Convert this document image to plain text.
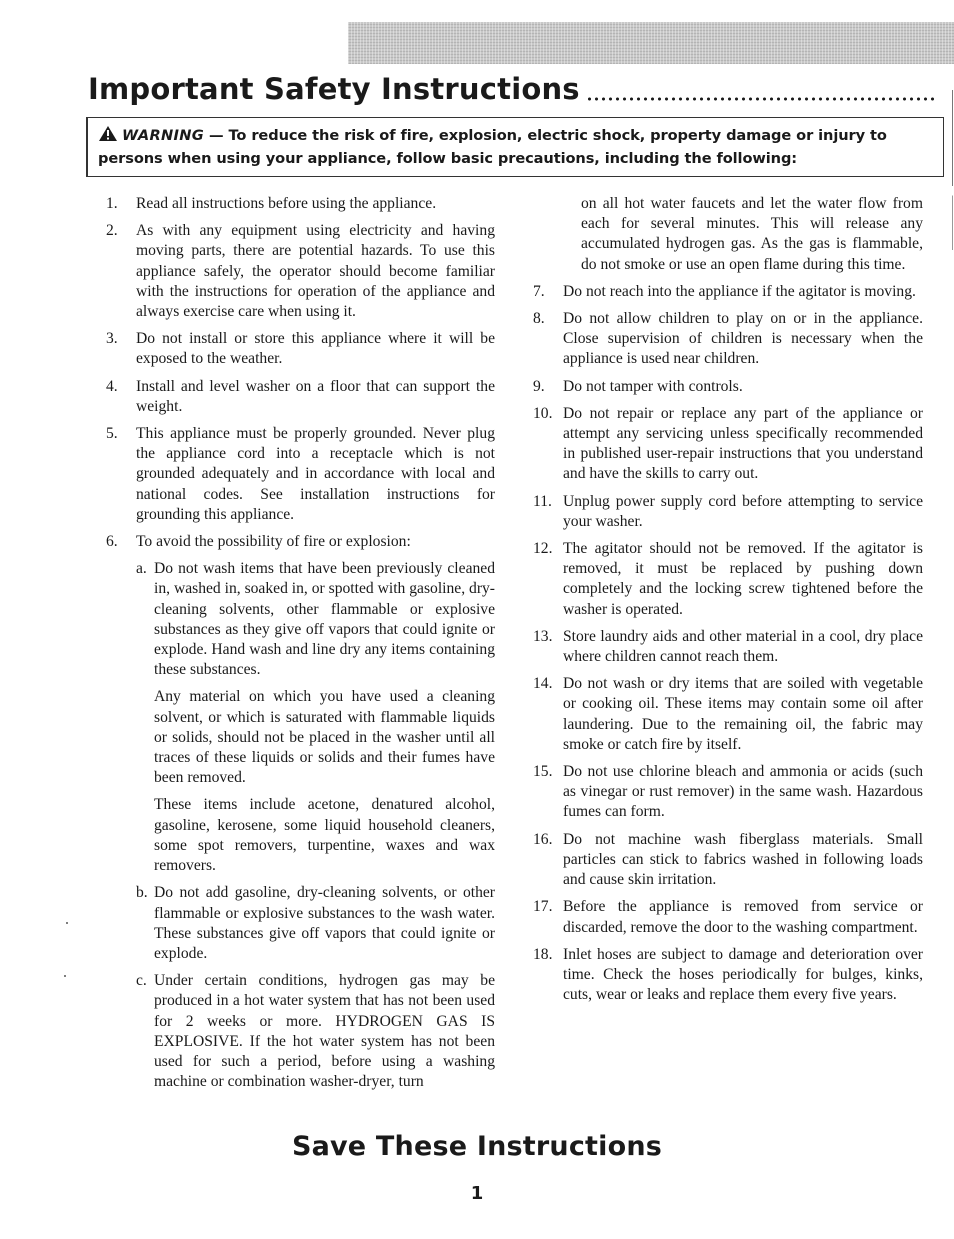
Important Safety Instructions
WARNING — To reduce the risk of fire, explosion, electric shock, property damage or injury to persons when using your appliance, follow basic precautions, including the following:
1.	Read all instructions before using the appliance.
2.	As with any equipment using electricity and having moving parts, there are potential hazards. To use this appliance safely, the operator should become familiar with the instructions for operation of the appliance and always exercise care when using it.
3.	Do not install or store this appliance where it will be exposed to the weather.
4.	Install and level washer on a floor that can support the weight.
5.	This appliance must be properly grounded. Never plug the appliance cord into a receptacle which is not grounded adequately and in accordance with local and national codes. See installation instructions for grounding this appliance.
6.	To avoid the possibility of fire or explosion:
a. Do not wash items that have been previously cleaned in, washed in, soaked in, or spotted with gasoline, dry-cleaning solvents, other flammable or explosive substances as they give off vapors that could ignite or explode. Hand wash and line dry any items containing these substances.
Any material on which you have used a cleaning solvent, or which is saturated with flammable liquids or solids, should not be placed in the washer until all traces of these liquids or solids and their fumes have been removed.
These items include acetone, denatured alcohol, gasoline, kerosene, some liquid household cleaners, some spot removers, turpentine, waxes and wax removers.
b. Do not add gasoline, dry-cleaning solvents, or other flammable or explosive substances to the wash water. These substances give off vapors that could ignite or explode.
c. Under certain conditions, hydrogen gas may be produced in a hot water system that has not been used for 2 weeks or more. HYDROGEN GAS IS EXPLOSIVE. If the hot water system has not been used for such a period, before using a washing machine or combination washer-dryer, turn
on all hot water faucets and let the water flow from each for several minutes. This will release any accumulated hydrogen gas. As the gas is flammable, do not smoke or use an open flame during this time.
7.	Do not reach into the appliance if the agitator is moving.
8.	Do not allow children to play on or in the appliance. Close supervision of children is necessary when the appliance is used near children.
9.	Do not tamper with controls.
10. Do not repair or replace any part of the appliance or attempt any servicing unless specifically recommended in published user-repair instructions that you understand and have the skills to carry out.
11. Unplug power supply cord before attempting to service your washer.
12. The agitator should not be removed. If the agitator is removed, it must be replaced by pushing down completely and the locking screw tightened before the washer is operated.
13. Store laundry aids and other material in a cool, dry place where children cannot reach them.
14. Do not wash or dry items that are soiled with vegetable or cooking oil. These items may contain some oil after laundering. Due to the remaining oil, the fabric may smoke or catch fire by itself.
15. Do not use chlorine bleach and ammonia or acids (such as vinegar or rust remover) in the same wash. Hazardous fumes can form.
16. Do not machine wash fiberglass materials. Small particles can stick to fabrics washed in following loads and cause skin irritation.
17. Before the appliance is removed from service or discarded, remove the door to the washing compartment.
18. Inlet hoses are subject to damage and deterioration over time. Check the hoses periodically for bulges, kinks, cuts, wear or leaks and replace them every five years.
Save These Instructions
1
